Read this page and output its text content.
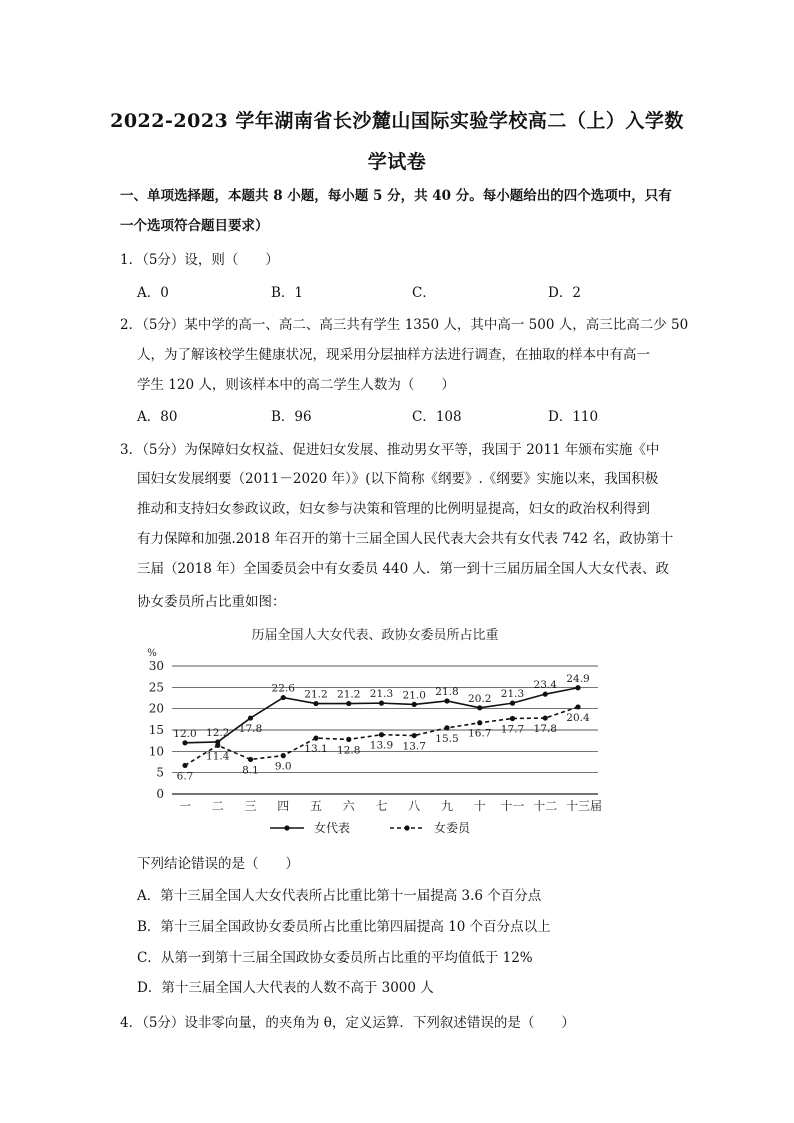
2022-2023 学年湖南省长沙麓山国际实验学校高二（上）入学数
学试卷
一、单项选择题，本题共 8 小题，每小题 5 分，共 40 分。每小题给出的四个选项中，只有一个选项符合题目要求）
1．（5分）设，则（　　）
A．0	B．1	C．	D．2
2．（5分）某中学的高一、高二、高三共有学生 1350 人，其中高一 500 人，高三比高二少 50
人，为了解该校学生健康状况，现采用分层抽样方法进行调查，在抽取的样本中有高一
学生 120 人，则该样本中的高二学生人数为（　　）
A．80	B．96	C．108	D．110
3．（5分）为保障妇女权益、促进妇女发展、推动男女平等，我国于 2011 年颁布实施《中
国妇女发展纲要（2011－2020 年）》(以下简称《纲要》.《纲要》实施以来，我国积极
推动和支持妇女参政议政，妇女参与决策和管理的比例明显提高，妇女的政治权利得到
有力保障和加强.2018 年召开的第十三届全国人民代表大会共有女代表 742 名，政协第十
三届（2018 年）全国委员会中有女委员 440 人．第一到十三届历届全国人大女代表、政
协女委员所占比重如图：
历届全国人大女代表、政协女委员所占比重
%
0
5
10
15
20
25
30
12.0 12.2 17.8
22.6 21.2 21.2 21.3 21.0 21.8
20.2 21.3
23.4
24.9
6.7
11.4
8.1 9.0
13.1 12.8 13.9 13.7
15.5 16.7 17.7 17.8
20.4
一 二 三 四 五 六 七 八 九 十 十一 十二 十三届
女代表	女委员
下列结论错误的是（　　）
A．第十三届全国人大女代表所占比重比第十一届提高 3.6 个百分点
B．第十三届全国政协女委员所占比重比第四届提高 10 个百分点以上
C．从第一到第十三届全国政协女委员所占比重的平均值低于 12%
D．第十三届全国人大代表的人数不高于 3000 人
4．（5分）设非零向量，的夹角为 θ，定义运算．下列叙述错误的是（　　）
